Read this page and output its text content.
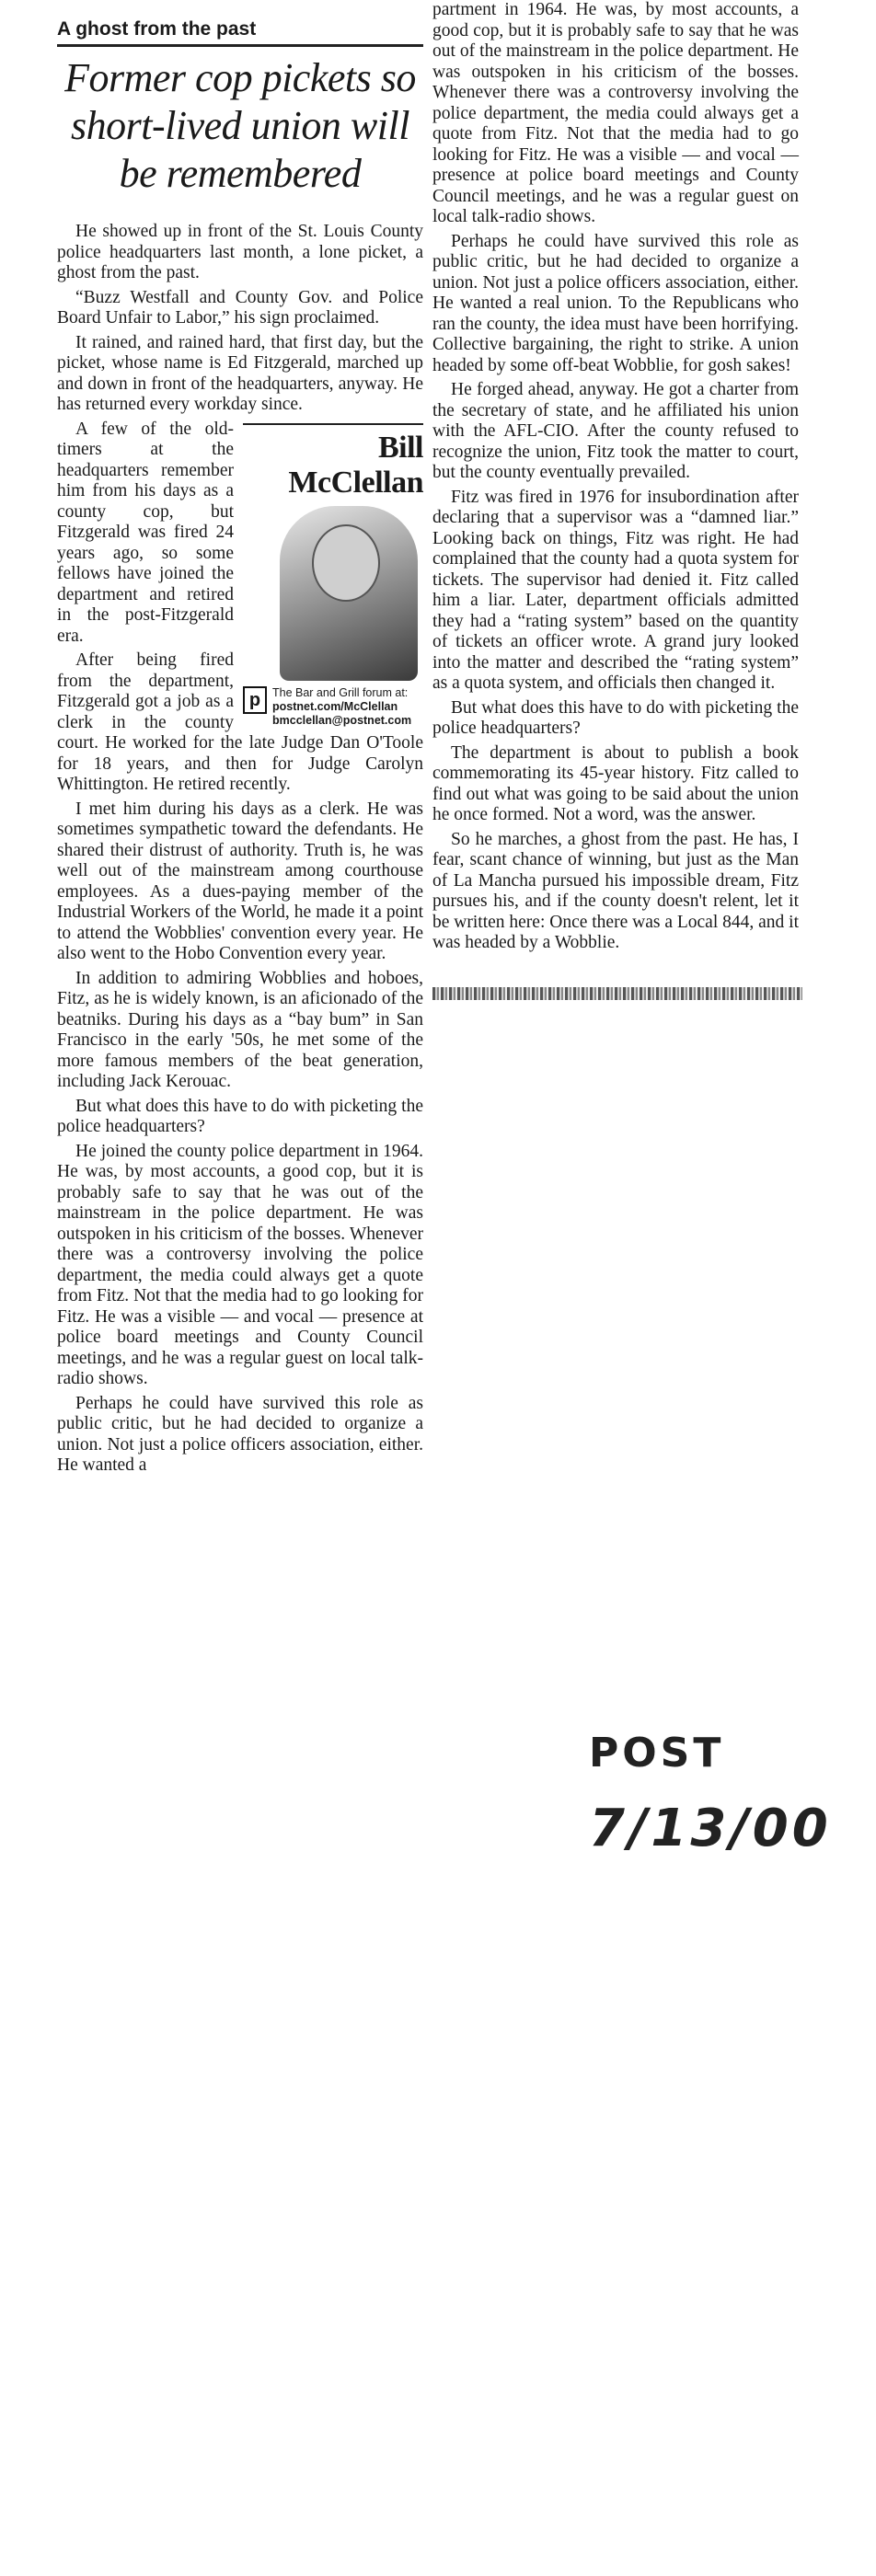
A ghost from the past
Former cop pickets so short-lived union will be remembered

He showed up in front of the St. Louis County police headquarters last month, a lone picket, a ghost from the past.

“Buzz Westfall and County Gov. and Police Board Unfair to Labor,” his sign proclaimed.

It rained, and rained hard, that first day, but the picket, whose name is Ed Fitzgerald, marched up and down in front of the headquarters, anyway. He has returned every workday since.

Bill McClellan
p	The Bar and Grill forum at:
postnet.com/McClellan
bmcclellan@postnet.com

A few of the old-timers at the headquarters remember him from his days as a county cop, but Fitzgerald was fired 24 years ago, so some fellows have joined the department and retired in the post-Fitzgerald era.

After being fired from the department, Fitzgerald got a job as a clerk in the county court. He worked for the late Judge Dan O'Toole for 18 years, and then for Judge Carolyn Whittington. He retired recently.

I met him during his days as a clerk. He was sometimes sympathetic toward the defendants. He shared their distrust of authority. Truth is, he was well out of the mainstream among courthouse employees. As a dues-paying member of the Industrial Workers of the World, he made it a point to attend the Wobblies' convention every year. He also went to the Hobo Convention every year.

In addition to admiring Wobblies and hoboes, Fitz, as he is widely known, is an aficionado of the beatniks. During his days as a “bay bum” in San Francisco in the early '50s, he met some of the more famous members of the beat generation, including Jack Kerouac.

But what does this have to do with picketing the police headquarters?

He joined the county police department in 1964. He was, by most accounts, a good cop, but it is probably safe to say that he was out of the mainstream in the police department. He was outspoken in his criticism of the bosses. Whenever there was a controversy involving the police department, the media could always get a quote from Fitz. Not that the media had to go looking for Fitz. He was a visible — and vocal — presence at police board meetings and County Council meetings, and he was a regular guest on local talk-radio shows.

Perhaps he could have survived this role as public critic, but he had decided to organize a union. Not just a police officers association, either. He wanted a

partment in 1964. He was, by most accounts, a good cop, but it is probably safe to say that he was out of the mainstream in the police department. He was outspoken in his criticism of the bosses. Whenever there was a controversy involving the police department, the media could always get a quote from Fitz. Not that the media had to go looking for Fitz. He was a visible — and vocal — presence at police board meetings and County Council meetings, and he was a regular guest on local talk-radio shows.

Perhaps he could have survived this role as public critic, but he had decided to organize a union. Not just a police officers association, either. He wanted a real union. To the Republicans who ran the county, the idea must have been horrifying. Collective bargaining, the right to strike. A union headed by some off-beat Wobblie, for gosh sakes!

He forged ahead, anyway. He got a charter from the secretary of state, and he affiliated his union with the AFL-CIO. After the county refused to recognize the union, Fitz took the matter to court, but the county eventually prevailed.

Fitz was fired in 1976 for insubordination after declaring that a supervisor was a “damned liar.” Looking back on things, Fitz was right. He had complained that the county had a quota system for tickets. The supervisor had denied it. Fitz called him a liar. Later, department officials admitted they had a “rating system” based on the quantity of tickets an officer wrote. A grand jury looked into the matter and described the “rating system” as a quota system, and officials then changed it.

But what does this have to do with picketing the police headquarters?

The department is about to publish a book commemorating its 45-year history. Fitz called to find out what was going to be said about the union he once formed. Not a word, was the answer.

So he marches, a ghost from the past. He has, I fear, scant chance of winning, but just as the Man of La Mancha pursued his impossible dream, Fitz pursues his, and if the county doesn't relent, let it be written here: Once there was a Local 844, and it was headed by a Wobblie.

POST
7/13/00
